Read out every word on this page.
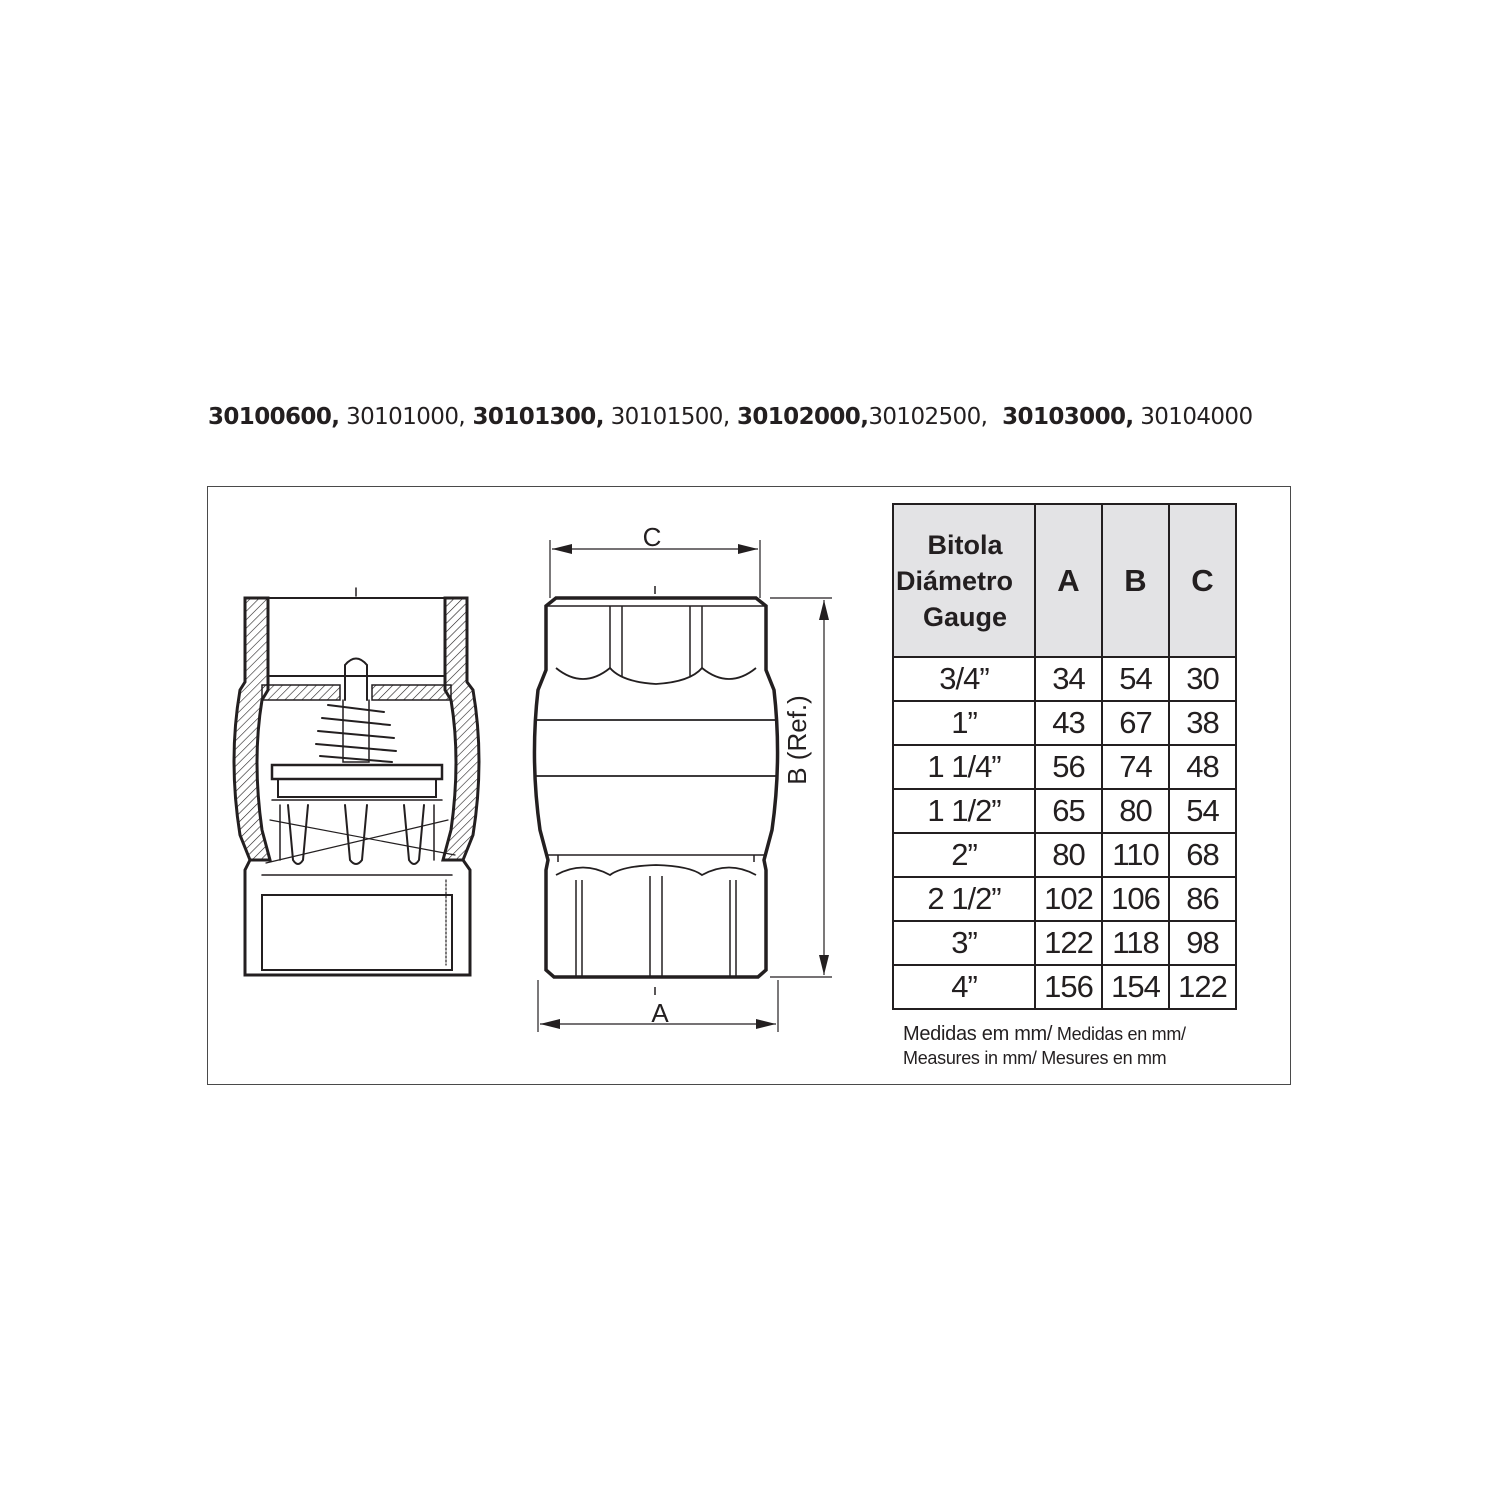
30100600, 30101000, 30101300, 30101500, 30102000,30102500,  30103000, 30104000
C
A
B (Ref.)
Bitola
Diámetro
Gauge	A	B	C
3/4”	34	54	30
1”	43	67	38
1 1/4”	56	74	48
1 1/2”	65	80	54
2”	80	110	68
2 1/2”	102	106	86
3”	122	118	98
4”	156	154	122
Medidas em mm/ Medidas en mm/
Measures in mm/ Mesures en mm
